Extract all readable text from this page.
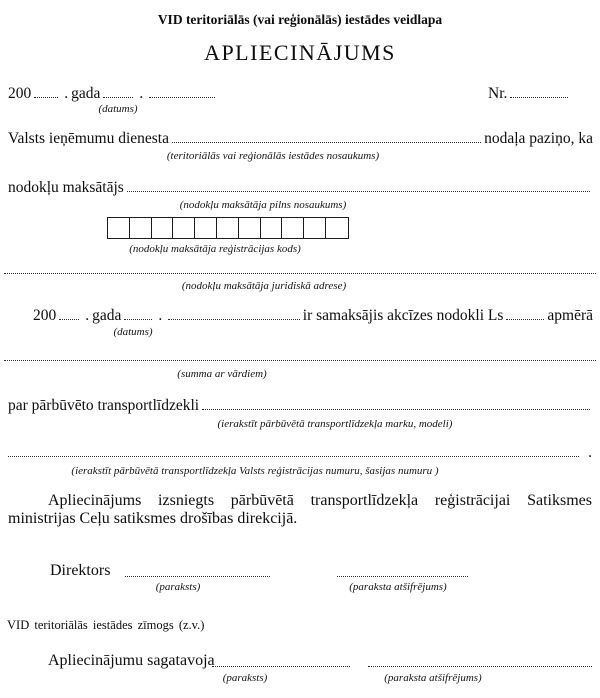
VID teritoriālās (vai reģionālās) iestādes veidlapa
APLIECINĀJUMS
200 . gada	.	Nr.
(datums)
Valsts ieņēmumu dienesta	nodaļa paziņo, ka
(teritoriālās vai reģionālās iestādes nosaukums)
nodokļu maksātājs
(nodokļu maksātāja pilns nosaukums)
(nodokļu maksātāja reģistrācijas kods)
(nodokļu maksātāja juridiskā adrese)
200 . gada .	ir samaksājis akcīzes nodokli Ls	apmērā
(datums)
(summa ar vārdiem)
par pārbūvēto transportlīdzekli
(ierakstīt pārbūvētā transportlīdzekļa marku, modeli)
.
(ierakstīt pārbūvētā transportlīdzekļa Valsts reģistrācijas numuru, šasijas numuru )
Apliecinājums izsniegts pārbūvētā transportlīdzekļa reģistrācijai Satiksmes
ministrijas Ceļu satiksmes drošības direkcijā.
Direktors
(paraksts)	(paraksta atšifrējums)
VID teritoriālās iestādes zīmogs (z.v.)
Apliecinājumu sagatavoja
(paraksts)	(paraksta atšifrējums)
